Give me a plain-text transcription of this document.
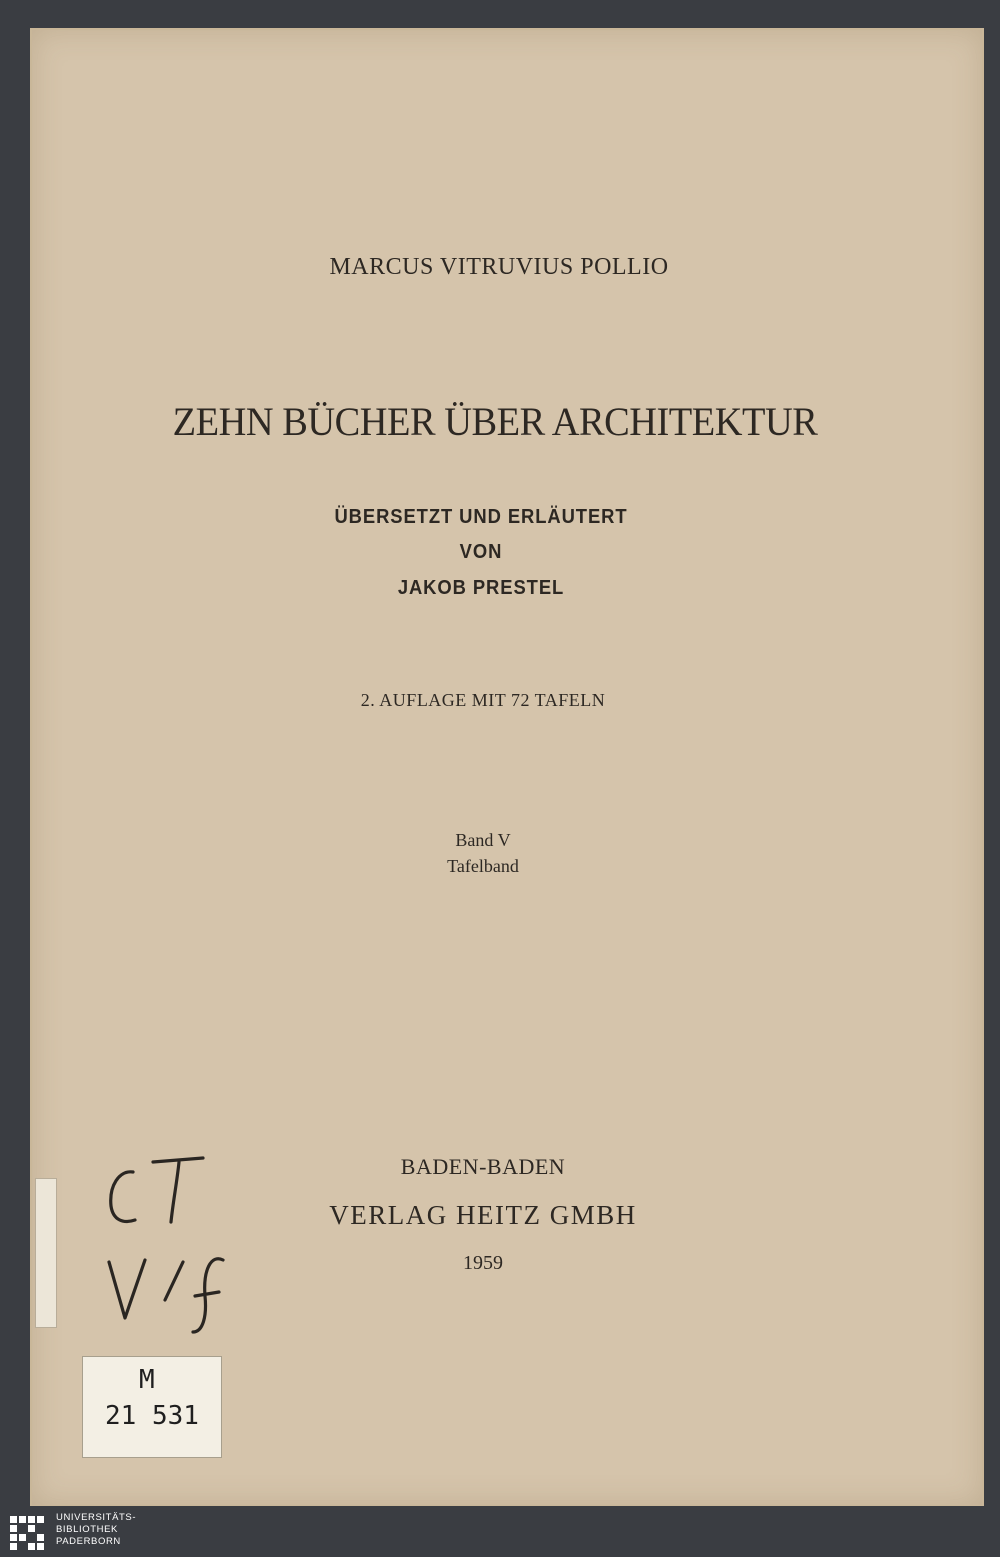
MARCUS VITRUVIUS POLLIO
ZEHN BÜCHER ÜBER ARCHITEKTUR
ÜBERSETZT UND ERLÄUTERT
VON
JAKOB PRESTEL
2. AUFLAGE MIT 72 TAFELN
Band V
Tafelband
BADEN-BADEN
VERLAG HEITZ GMBH
1959
M
21 531
UNIVERSITÄTS-
BIBLIOTHEK
PADERBORN
